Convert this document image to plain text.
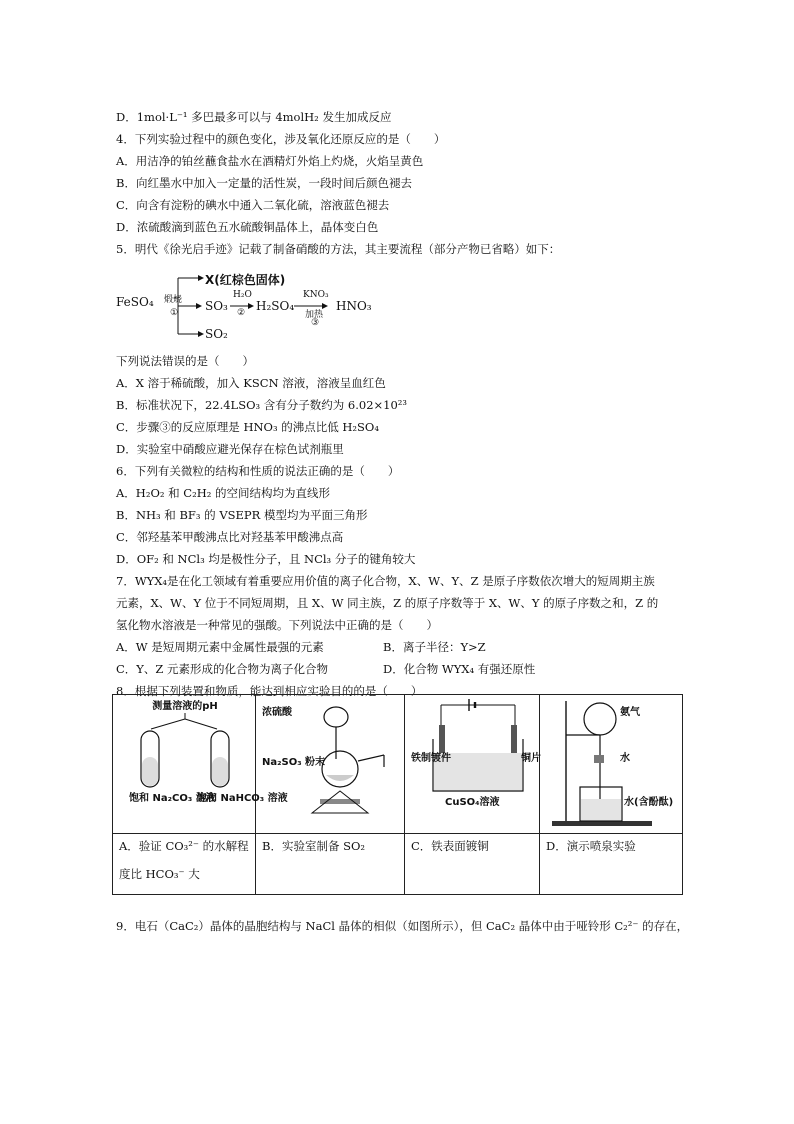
D．1mol·L⁻¹ 多巴最多可以与 4molH₂ 发生加成反应
4．下列实验过程中的颜色变化，涉及氧化还原反应的是（　　）
A．用洁净的铂丝蘸食盐水在酒精灯外焰上灼烧，火焰呈黄色
B．向红墨水中加入一定量的活性炭，一段时间后颜色褪去
C．向含有淀粉的碘水中通入二氧化硫，溶液蓝色褪去
D．浓硫酸滴到蓝色五水硫酸铜晶体上，晶体变白色
5．明代《徐光启手迹》记载了制备硝酸的方法，其主要流程（部分产物已省略）如下：
FeSO₄
X(红棕色固体)
煅烧
① SO₃
SO₂
H₂O
② H₂SO₄
KNO₃
加热
③
HNO₃
下列说法错误的是（　　）
A．X 溶于稀硫酸，加入 KSCN 溶液，溶液呈血红色
B．标准状况下，22.4LSO₃ 含有分子数约为 6.02×10²³
C．步骤③的反应原理是 HNO₃ 的沸点比低 H₂SO₄
D．实验室中硝酸应避光保存在棕色试剂瓶里
6．下列有关微粒的结构和性质的说法正确的是（　　）
A．H₂O₂ 和 C₂H₂ 的空间结构均为直线形
B．NH₃ 和 BF₃ 的 VSEPR 模型均为平面三角形
C．邻羟基苯甲酸沸点比对羟基苯甲酸沸点高
D．OF₂ 和 NCl₃ 均是极性分子，且 NCl₃ 分子的键角较大
7．WYX₄是在化工领域有着重要应用价值的离子化合物，X、W、Y、Z 是原子序数依次增大的短周期主族
元素，X、W、Y 位于不同短周期，且 X、W 同主族，Z 的原子序数等于 X、W、Y 的原子序数之和，Z 的
氢化物水溶液是一种常见的强酸。下列说法中正确的是（　　）
A．W 是短周期元素中金属性最强的元素	B．离子半径：Y>Z
C．Y、Z 元素形成的化合物为离子化合物	D．化合物 WYX₄ 有强还原性
8．根据下列装置和物质，能达到相应实验目的的是（　　）
测量溶液的pH
饱和 Na₂CO₃ 溶液
饱和 NaHCO₃ 溶液	浓硫酸
Na₂SO₃ 粉末	铁制镀件 铜片
CuSO₄溶液	氨气
水
水(含酚酞)

A．验证 CO₃²⁻ 的水解程
度比 HCO₃⁻ 大	B．实验室制备 SO₂	C．铁表面镀铜	D．演示喷泉实验
9．电石（CaC₂）晶体的晶胞结构与 NaCl 晶体的相似（如图所示），但 CaC₂ 晶体中由于哑铃形 C₂²⁻ 的存在，
